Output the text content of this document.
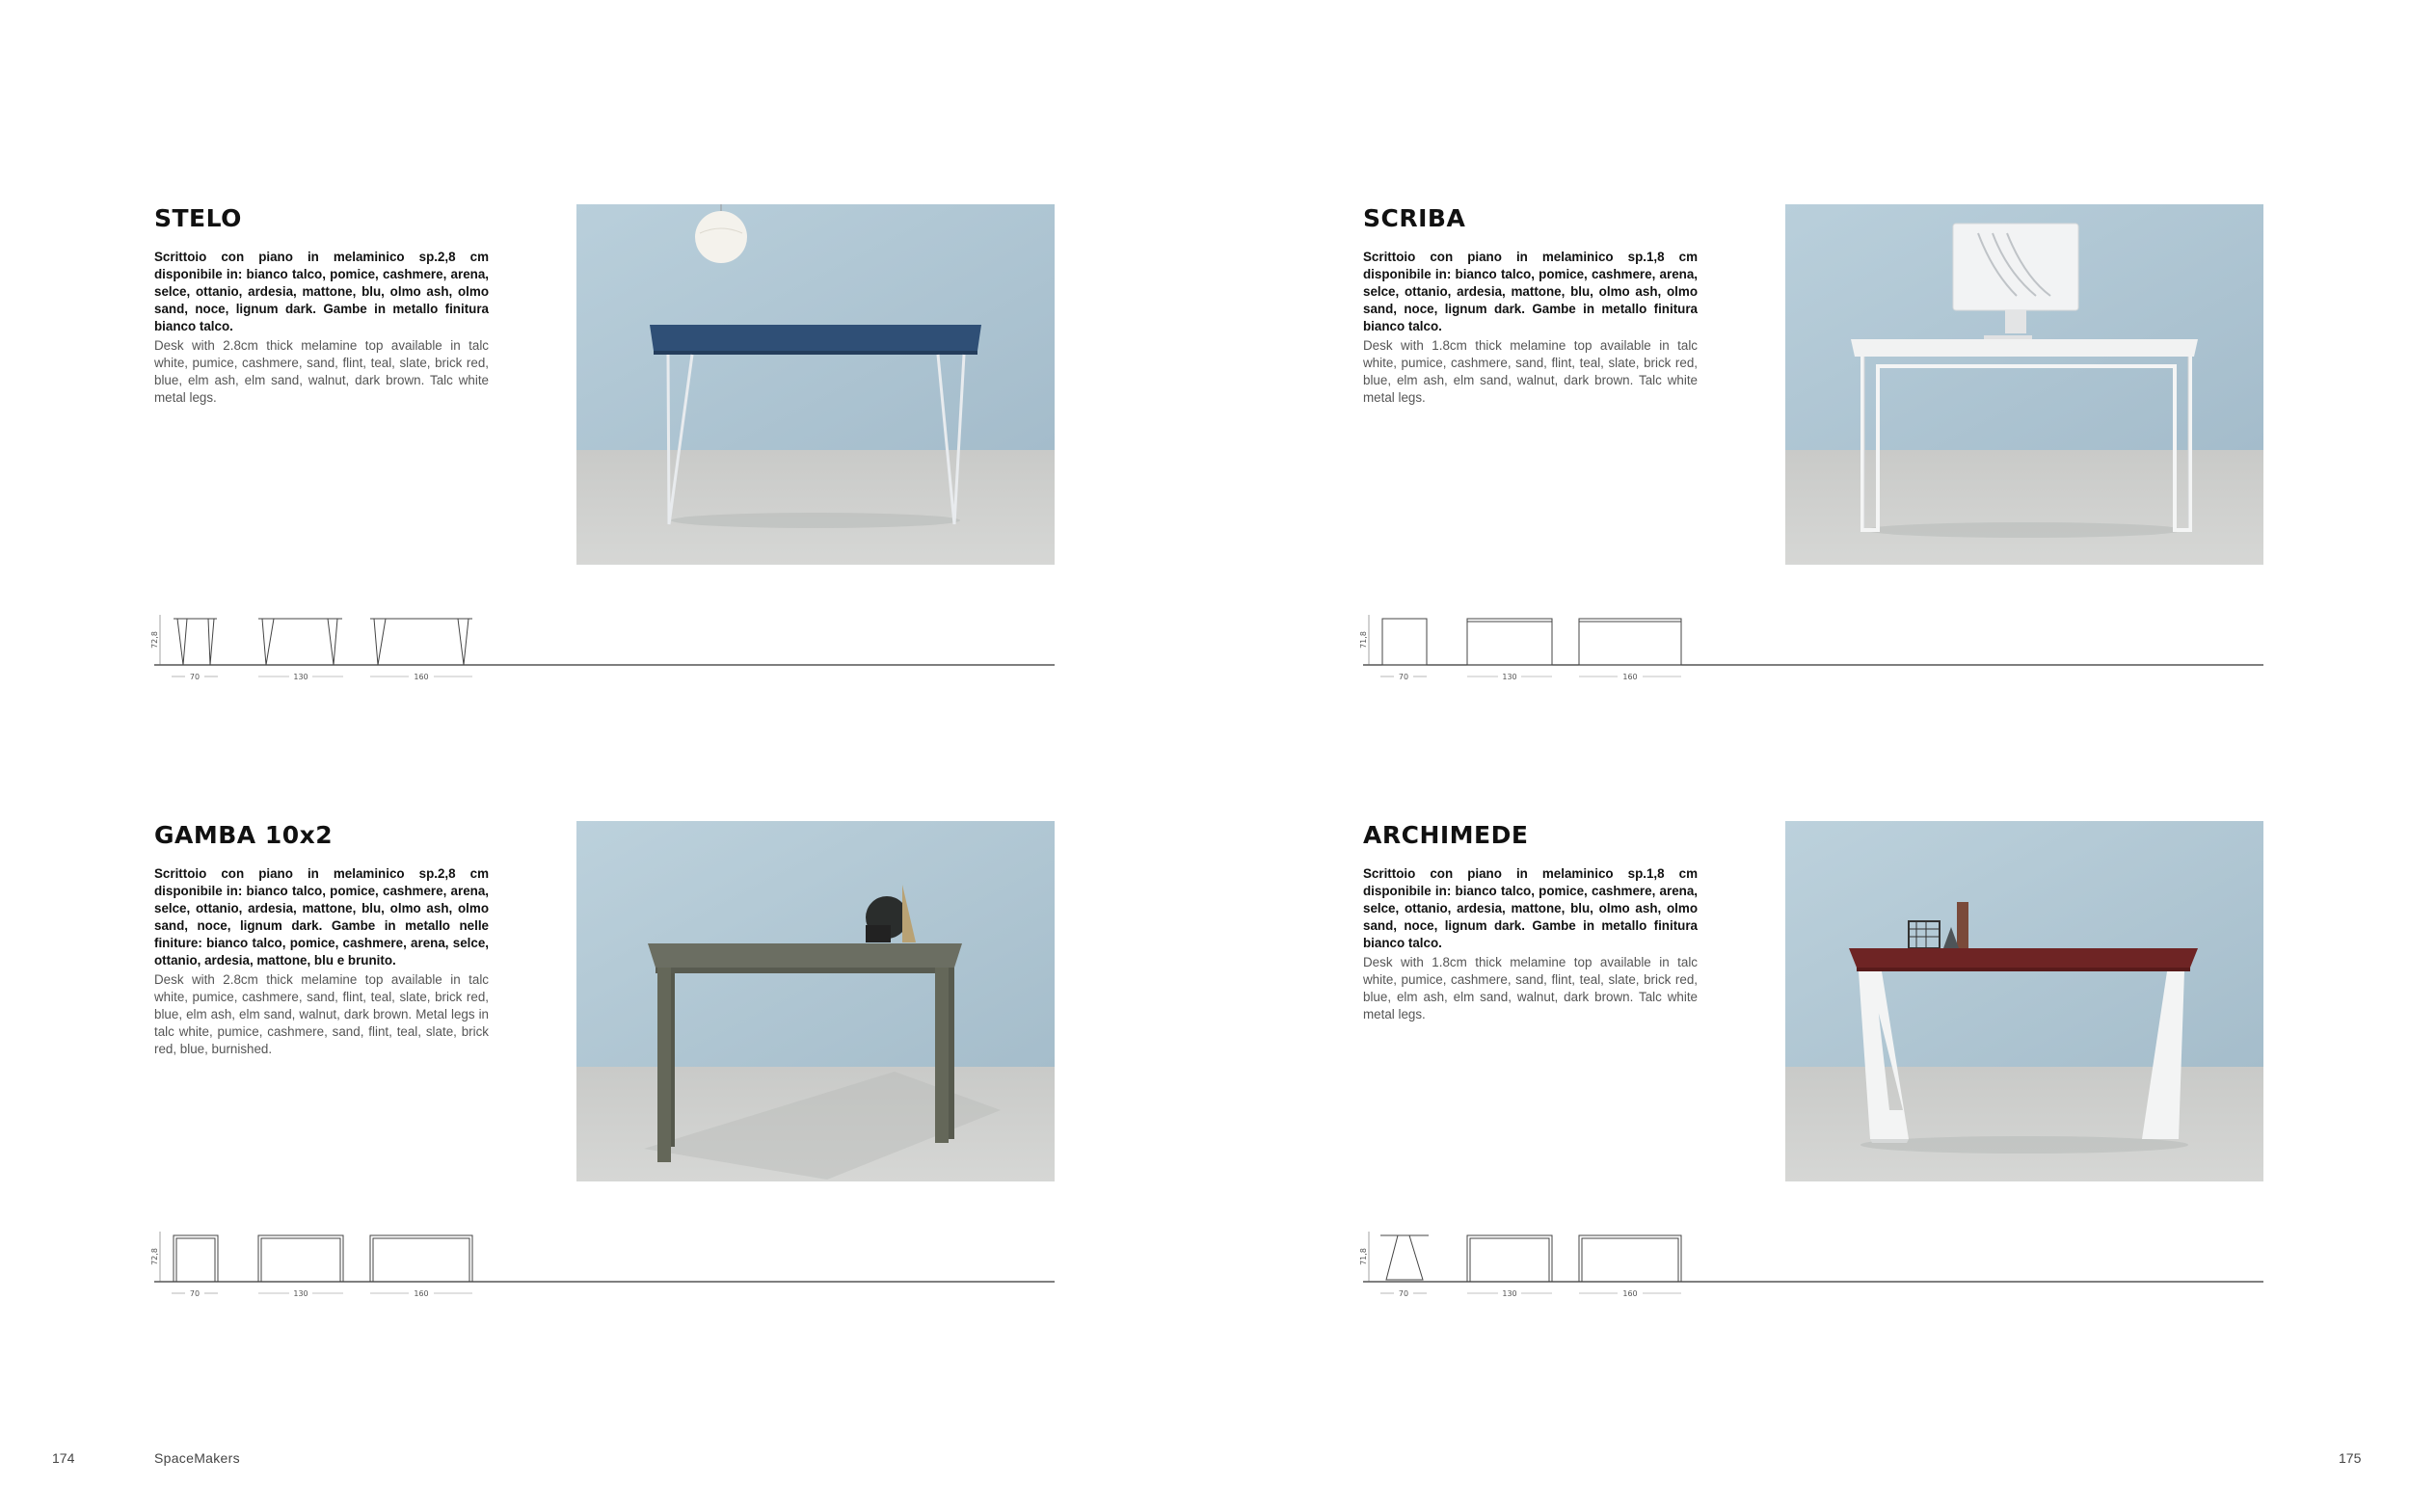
STELO

Scrittoio con piano in melaminico sp.2,8 cm disponibile in: bianco talco, pomice, cashmere, arena, selce, ottanio, ardesia, mattone, blu, olmo ash, olmo sand, noce, lignum dark. Gambe in metallo finitura bianco talco.

Desk with 2.8cm thick melamine top available in talc white, pumice, cashmere, sand, flint, teal, slate, brick red, blue, elm ash, elm sand, walnut, dark brown. Talc white metal legs.

72,8
70	130	160
SCRIBA

Scrittoio con piano in melaminico sp.1,8 cm disponibile in: bianco talco, pomice, cashmere, arena, selce, ottanio, ardesia, mattone, blu, olmo ash, olmo sand, noce, lignum dark. Gambe in metallo finitura bianco talco.

Desk with 1.8cm thick melamine top available in talc white, pumice, cashmere, sand, flint, teal, slate, brick red, blue, elm ash, elm sand, walnut, dark brown. Talc white metal legs.

71,8
70	130	160
GAMBA 10x2

Scrittoio con piano in melaminico sp.2,8 cm disponibile in: bianco talco, pomice, cashmere, arena, selce, ottanio, ardesia, mattone, blu, olmo ash, olmo sand, noce, lignum dark. Gambe in metallo nelle finiture: bianco talco, pomice, cashmere, arena, selce, ottanio, ardesia, mattone, blu e brunito.

Desk with 2.8cm thick melamine top available in talc white, pumice, cashmere, sand, flint, teal, slate, brick red, blue, elm ash, elm sand, walnut, dark brown. Metal legs in talc white, pumice, cashmere, sand, flint, teal, slate, brick red, blue, burnished.

72,8
70	130	160
ARCHIMEDE

Scrittoio con piano in melaminico sp.1,8 cm disponibile in: bianco talco, pomice, cashmere, arena, selce, ottanio, ardesia, mattone, blu, olmo ash, olmo sand, noce, lignum dark. Gambe in metallo finitura bianco talco.

Desk with 1.8cm thick melamine top available in talc white, pumice, cashmere, sand, flint, teal, slate, brick red, blue, elm ash, elm sand, walnut, dark brown. Talc white metal legs.

71,8
70	130	160
174	SpaceMakers	175
